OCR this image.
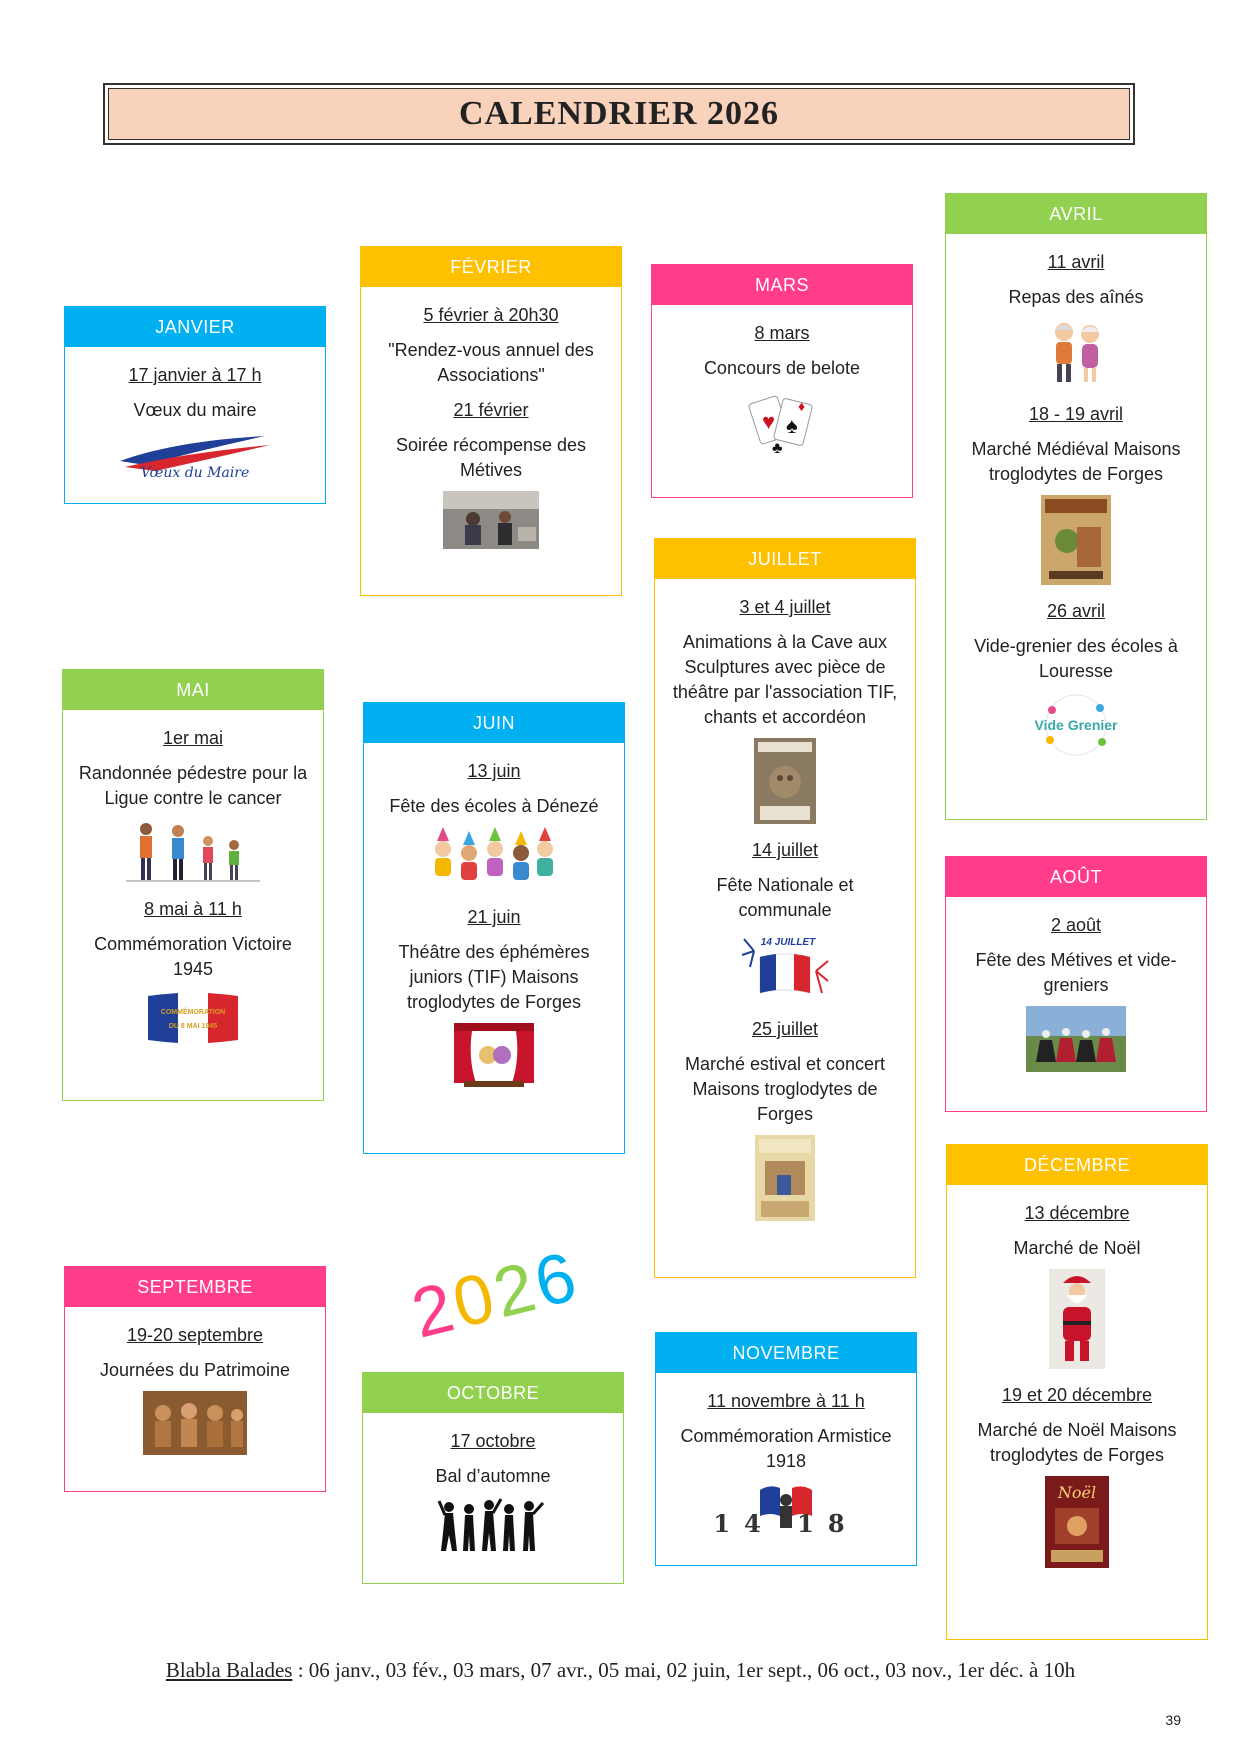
CALENDRIER 2026
JANVIER
17 janvier à 17 h
Vœux du maire
Vœux du Maire
FÉVRIER
5 février à 20h30
"Rendez-vous annuel des Associations"
21 février
Soirée récompense des Métives
MARS
8 mars
Concours de belote
♥ ♠
♣
♦
AVRIL
11 avril
Repas des aînés
18 - 19 avril
Marché Médiéval Maisons troglodytes de Forges
26 avril
Vide-grenier des écoles à Louresse
Vide Grenier
MAI
1er mai
Randonnée pédestre pour la Ligue contre le cancer
8 mai à 11 h
Commémoration Victoire 1945
COMMÉMORATION
DU 8 MAI 1945
JUIN
13 juin
Fête des écoles à Dénezé
21 juin
Théâtre des éphémères juniors (TIF) Maisons troglodytes de Forges
JUILLET
3 et 4 juillet
Animations à la Cave aux Sculptures avec pièce de théâtre par l'association TIF, chants et accordéon
14 juillet
Fête Nationale et communale
14 JUILLET
25 juillet
Marché estival et concert Maisons troglodytes de Forges
AOÛT
2 août
Fête des Métives et vide-greniers
DÉCEMBRE
13 décembre
Marché de Noël
19 et 20 décembre
Marché de Noël Maisons troglodytes de Forges
Noël
SEPTEMBRE
19-20 septembre
Journées du Patrimoine
2
0
2
6
OCTOBRE
17 octobre
Bal d’automne
NOVEMBRE
11 novembre à 11 h
Commémoration Armistice 1918
14 18
Blabla Balades : 06 janv., 03 fév., 03 mars, 07 avr., 05 mai, 02 juin, 1er sept., 06 oct., 03 nov., 1er déc. à 10h
39
